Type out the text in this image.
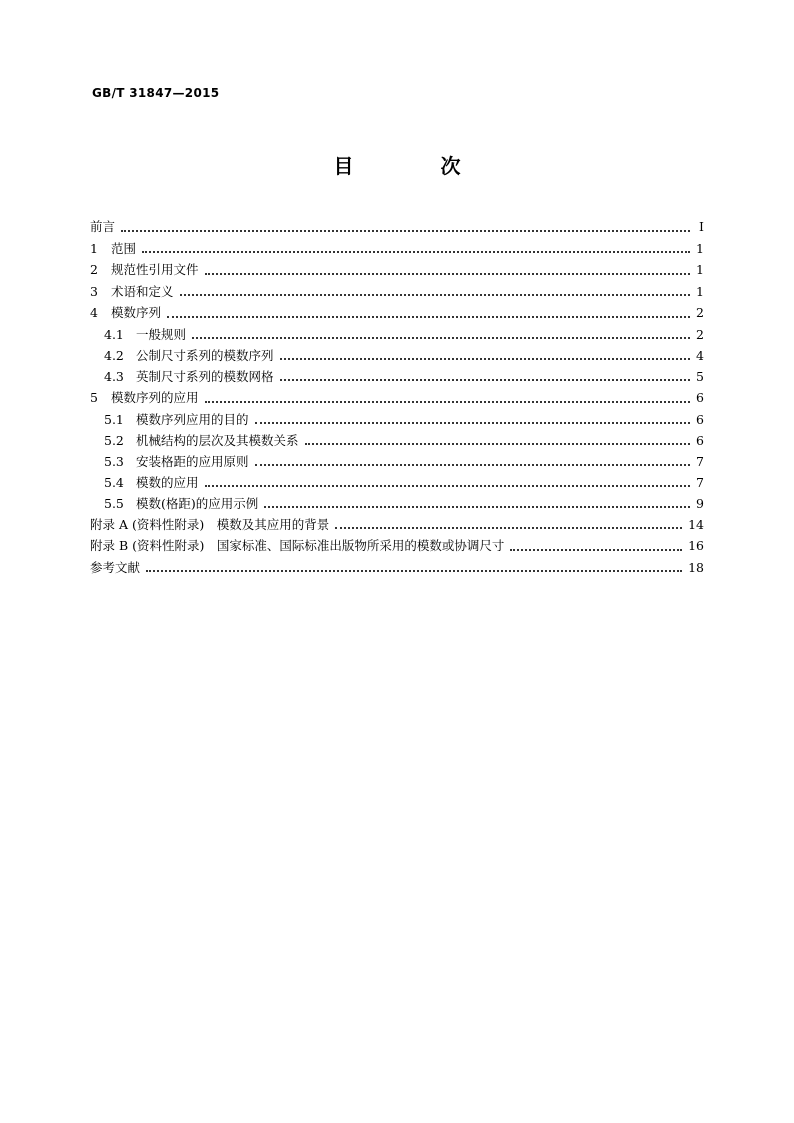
GB/T 31847—2015
目 次
前言	Ⅰ
1	范围	1
2	规范性引用文件	1
3	术语和定义	1
4	模数序列	2
4.1 一般规则	2
4.2 公制尺寸系列的模数序列	4
4.3 英制尺寸系列的模数网格	5
5	模数序列的应用	6
5.1 模数序列应用的目的	6
5.2 机械结构的层次及其模数关系	6
5.3 安装格距的应用原则	7
5.4 模数的应用	7
5.5 模数(格距)的应用示例	9
附录 A (资料性附录)　模数及其应用的背景	14
附录 B (资料性附录)　国家标准、国际标准出版物所采用的模数或协调尺寸	16
参考文献	18
